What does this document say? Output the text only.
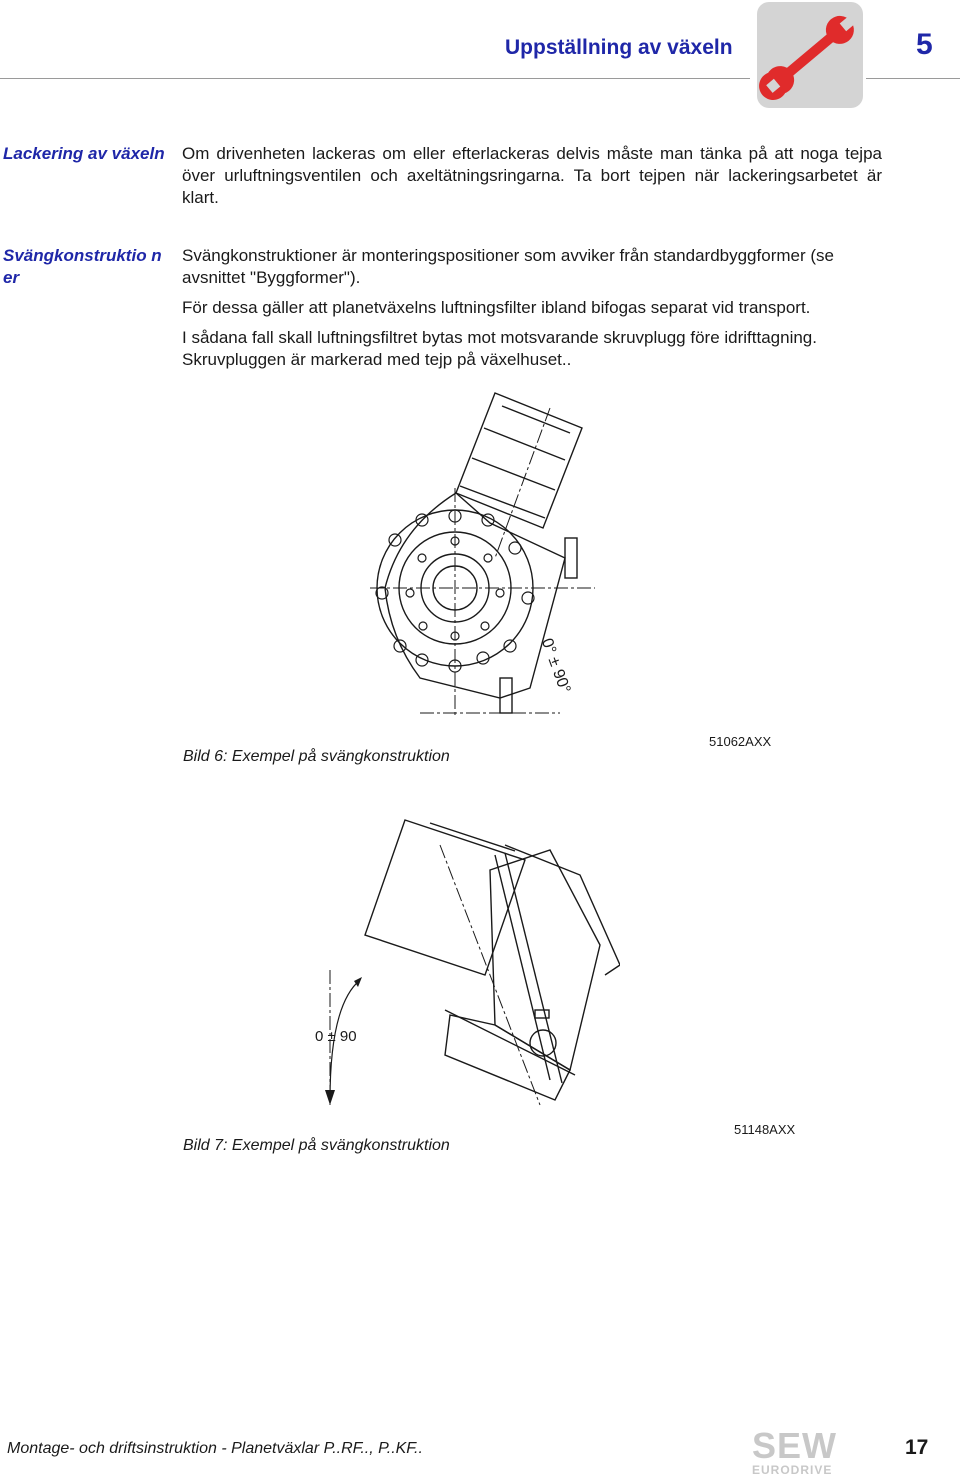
Uppställning av växeln	5
Lackering av växeln Om drivenheten lackeras om eller efterlackeras delvis måste man tänka på att noga tejpa över urluftningsventilen och axeltätningsringarna. Ta bort tejpen när lackeringsarbetet är klart.

Svängkonstruktio ner

Svängkonstruktioner är monteringspositioner som avviker från standardbyggformer (se avsnittet "Byggformer").

För dessa gäller att planetväxelns luftningsfilter ibland bifogas separat vid transport.

I sådana fall skall luftningsfiltret bytas mot motsvarande skruvplugg före idrifttagning. Skruvpluggen är markerad med tejp på växelhuset..

0° ± 90°
Bild 6: Exempel på svängkonstruktion
51062AXX
0 ± 90
Bild 7: Exempel på svängkonstruktion
51148AXX
Montage- och driftsinstruktion - Planetväxlar P..RF.., P..KF..	SEW
EURODRIVE
17
